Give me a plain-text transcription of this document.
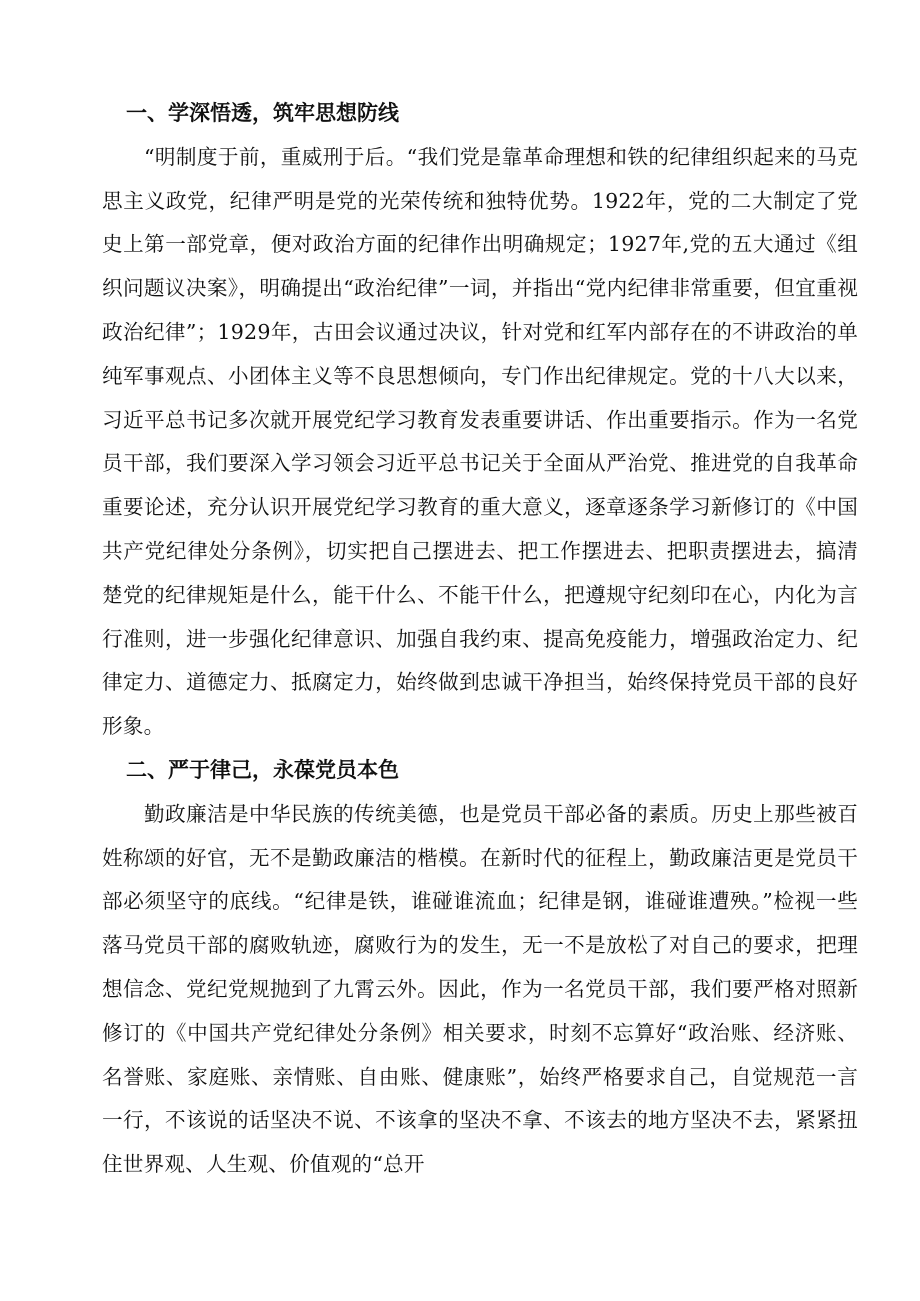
一、学深悟透，筑牢思想防线

“明制度于前，重威刑于后。“我们党是靠革命理想和铁的纪律组织起来的马克思主义政党，纪律严明是党的光荣传统和独特优势。1922年，党的二大制定了党史上第一部党章，便对政治方面的纪律作出明确规定；1927年,党的五大通过《组织问题议决案》，明确提出“政治纪律”一词，并指出“党内纪律非常重要，但宜重视政治纪律”；1929年，古田会议通过决议，针对党和红军内部存在的不讲政治的单纯军事观点、小团体主义等不良思想倾向，专门作出纪律规定。党的十八大以来，习近平总书记多次就开展党纪学习教育发表重要讲话、作出重要指示。作为一名党员干部，我们要深入学习领会习近平总书记关于全面从严治党、推进党的自我革命重要论述，充分认识开展党纪学习教育的重大意义，逐章逐条学习新修订的《中国共产党纪律处分条例》，切实把自己摆进去、把工作摆进去、把职责摆进去，搞清楚党的纪律规矩是什么，能干什么、不能干什么，把遵规守纪刻印在心，内化为言行准则，进一步强化纪律意识、加强自我约束、提高免疫能力，增强政治定力、纪律定力、道德定力、抵腐定力，始终做到忠诚干净担当，始终保持党员干部的良好形象。

二、严于律己，永葆党员本色

勤政廉洁是中华民族的传统美德，也是党员干部必备的素质。历史上那些被百姓称颂的好官，无不是勤政廉洁的楷模。在新时代的征程上，勤政廉洁更是党员干部必须坚守的底线。“纪律是铁，谁碰谁流血；纪律是钢，谁碰谁遭殃。”检视一些落马党员干部的腐败轨迹，腐败行为的发生，无一不是放松了对自己的要求，把理想信念、党纪党规抛到了九霄云外。因此，作为一名党员干部，我们要严格对照新修订的《中国共产党纪律处分条例》相关要求，时刻不忘算好“政治账、经济账、名誉账、家庭账、亲情账、自由账、健康账”，始终严格要求自己，自觉规范一言一行，不该说的话坚决不说、不该拿的坚决不拿、不该去的地方坚决不去，紧紧扭住世界观、人生观、价值观的“总开
